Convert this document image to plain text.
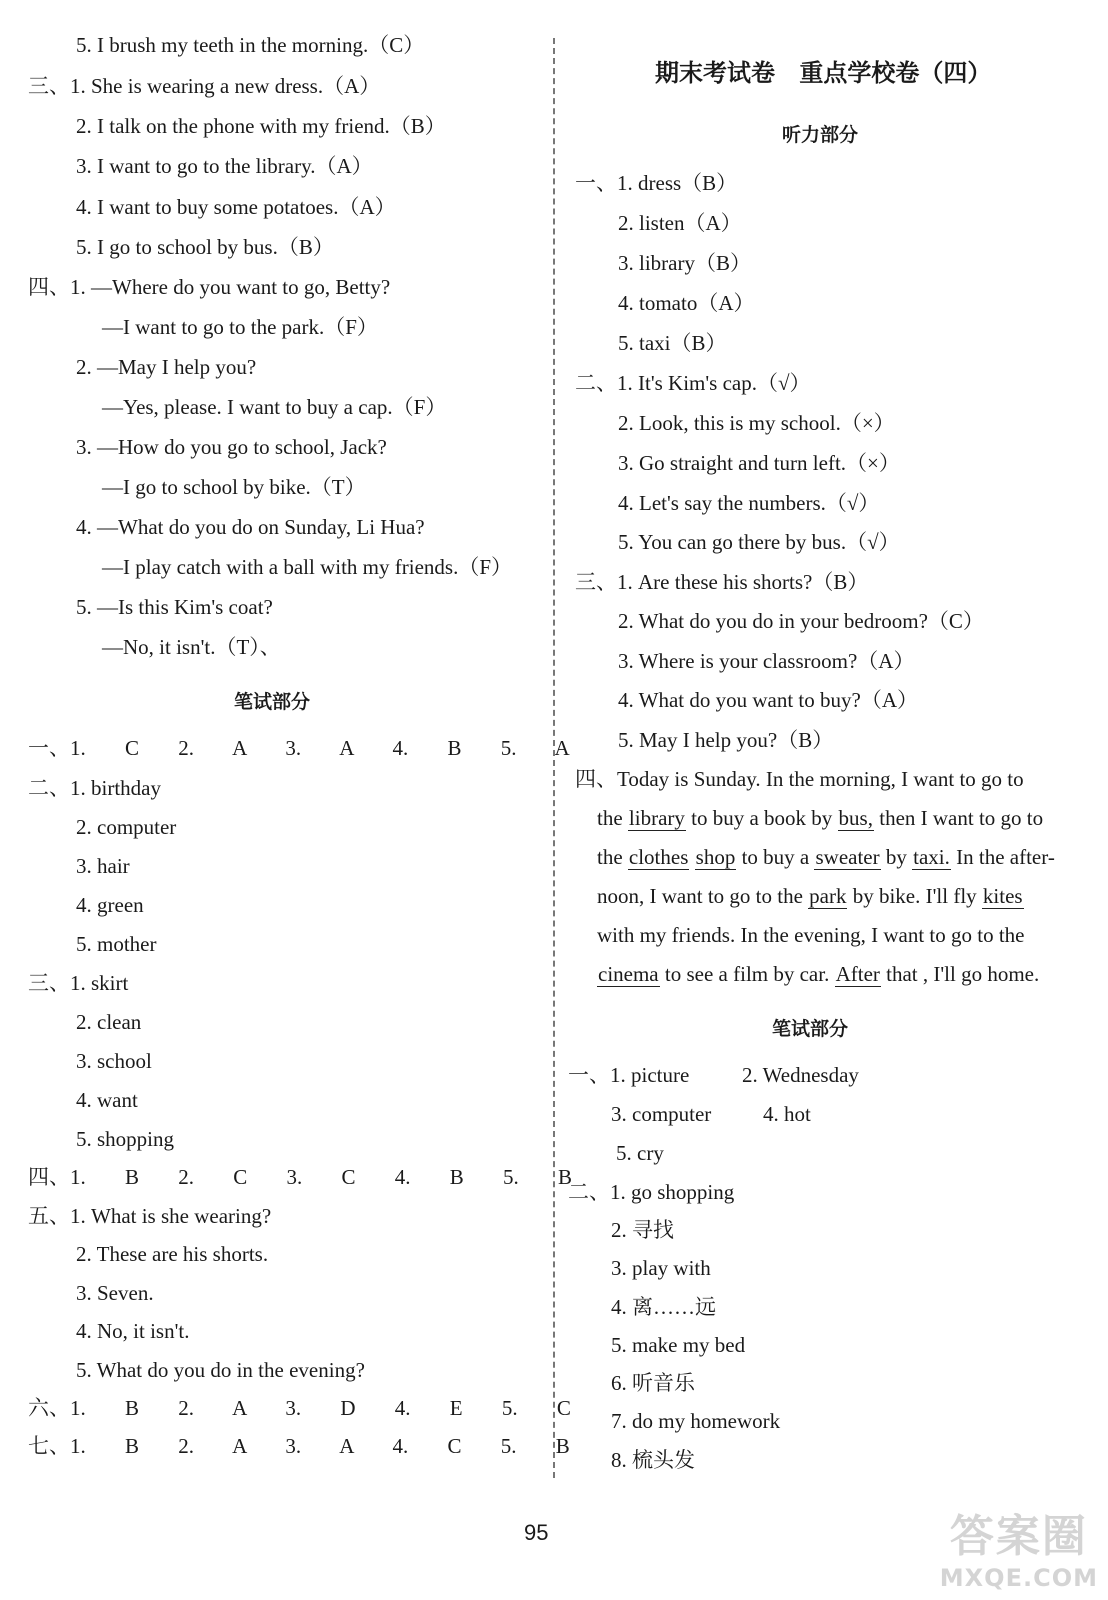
5. I brush my teeth in the morning.（C）
三、1. She is wearing a new dress.（A）
2. I talk on the phone with my friend.（B）
3. I want to go to the library.（A）
4. I want to buy some potatoes.（A）
5. I go to school by bus.（B）
四、1. —Where do you want to go, Betty?
—I want to go to the park.（F）
2. —May I help you?
—Yes, please. I want to buy a cap.（F）
3. —How do you go to school, Jack?
—I go to school by bike.（T）
4. —What do you do on Sunday, Li Hua?
—I play catch with a ball with my friends.（F）
5. —Is this Kim's coat?
—No, it isn't.（T）、
笔试部分
一、1. C 2. A 3. A 4. B 5. A
二、1. birthday
2. computer
3. hair
4. green
5. mother
三、1. skirt
2. clean
3. school
4. want
5. shopping
四、1. B 2. C 3. C 4. B 5. B
五、1. What is she wearing?
2. These are his shorts.
3. Seven.
4. No, it isn't.
5. What do you do in the evening?
六、1. B 2. A 3. D 4. E 5. C
七、1. B 2. A 3. A 4. C 5. B
期末考试卷 重点学校卷（四）
听力部分
一、1. dress（B）
2. listen（A）
3. library（B）
4. tomato（A）
5. taxi（B）
二、1. It's Kim's cap.（√）
2. Look, this is my school.（×）
3. Go straight and turn left.（×）
4. Let's say the numbers.（√）
5. You can go there by bus.（√）
三、1. Are these his shorts?（B）
2. What do you do in your bedroom?（C）
3. Where is your classroom?（A）
4. What do you want to buy?（A）
5. May I help you?（B）
四、Today is Sunday. In the morning, I want to go to
the library to buy a book by bus, then I want to go to
the clothes shop to buy a sweater by taxi. In the after-
noon, I want to go to the park by bike. I'll fly kites
with my friends. In the evening, I want to go to the
cinema to see a film by car. After that , I'll go home.
笔试部分
一、1. picture	2. Wednesday
3. computer 4. hot
5. cry
二、1. go shopping
2. 寻找
3. play with
4. 离……远
5. make my bed
6. 听音乐
7. do my homework
8. 梳头发
95	答案圈
MXQE.COM
